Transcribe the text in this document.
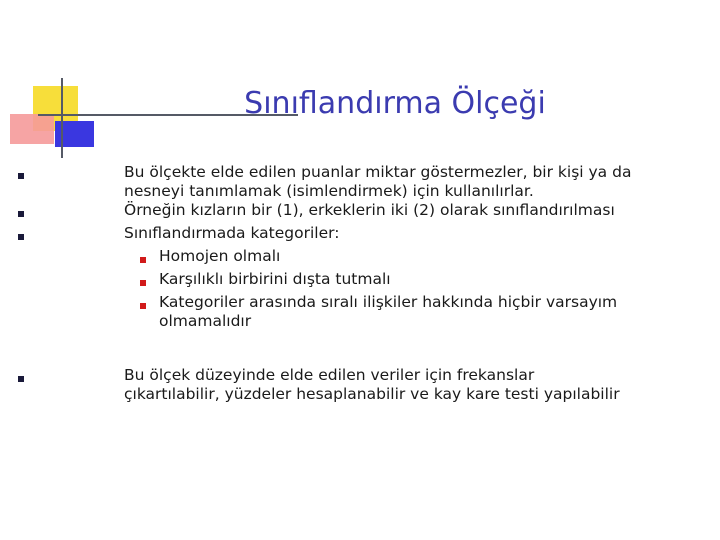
Sınıflandırma Ölçeği
Bu ölçekte elde edilen puanlar miktar göstermezler, bir kişi ya da
nesneyi tanımlamak (isimlendirmek) için kullanılırlar.
Örneğin kızların bir (1), erkeklerin iki (2) olarak sınıflandırılması
Sınıflandırmada kategoriler:
Homojen olmalı
Karşılıklı birbirini dışta tutmalı
Kategoriler arasında sıralı ilişkiler hakkında hiçbir varsayım
olmamalıdır
Bu ölçek düzeyinde elde edilen veriler için frekanslar
çıkartılabilir, yüzdeler hesaplanabilir ve kay kare testi yapılabilir
